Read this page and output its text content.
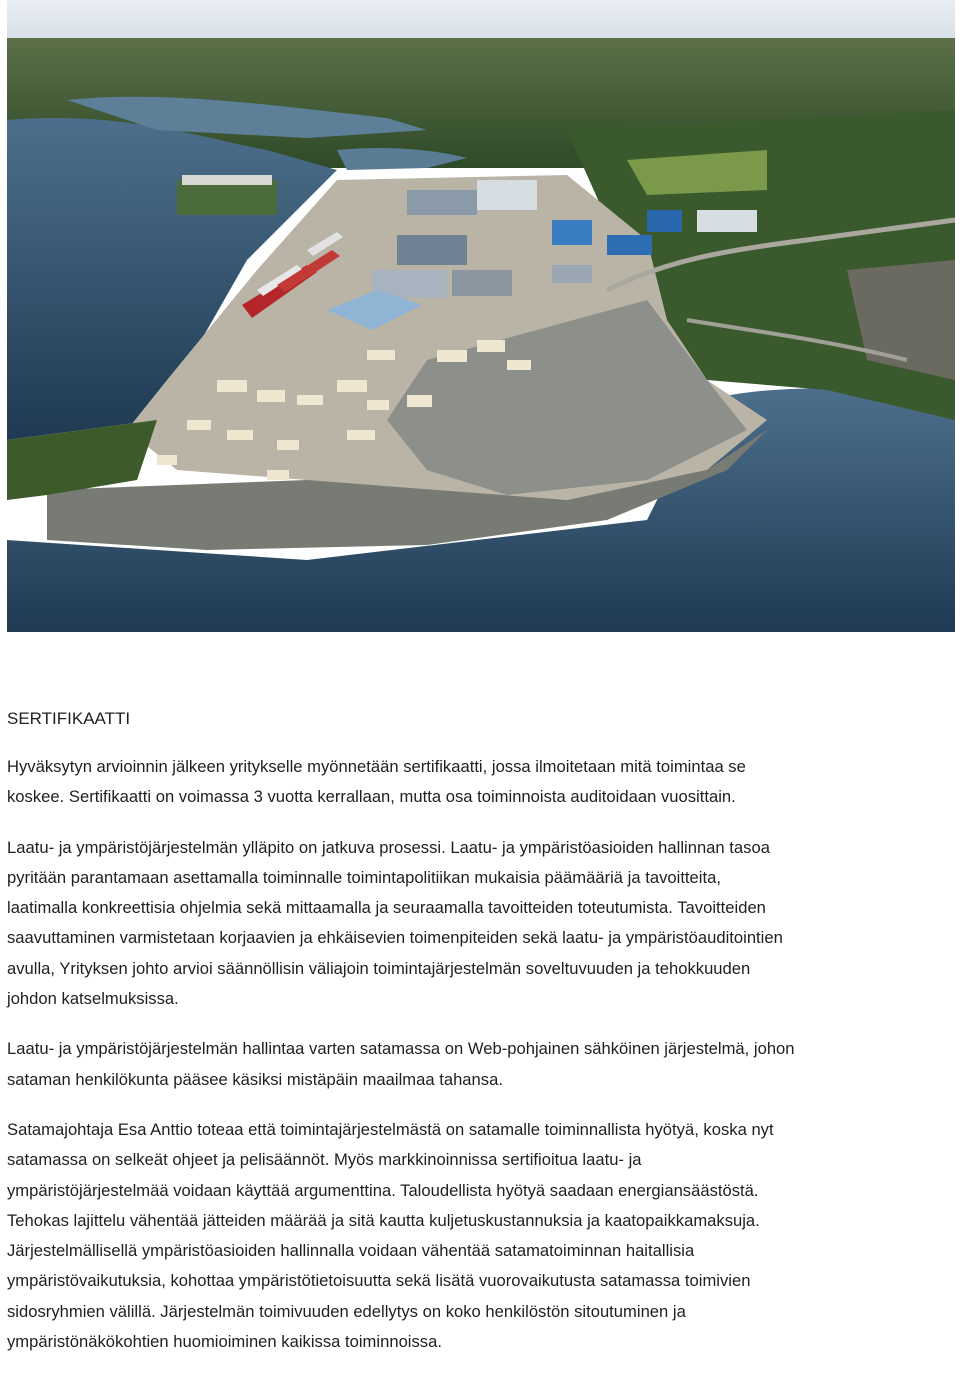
SERTIFIKAATTI
Hyväksytyn arvioinnin jälkeen yritykselle myönnetään sertifikaatti, jossa ilmoitetaan mitä toimintaa se
koskee. Sertifikaatti on voimassa 3 vuotta kerrallaan, mutta osa toiminnoista auditoidaan vuosittain.
Laatu- ja ympäristöjärjestelmän ylläpito on jatkuva prosessi. Laatu- ja ympäristöasioiden hallinnan tasoa
pyritään parantamaan asettamalla toiminnalle toimintapolitiikan mukaisia päämääriä ja tavoitteita,
laatimalla konkreettisia ohjelmia sekä mittaamalla ja seuraamalla tavoitteiden toteutumista. Tavoitteiden
saavuttaminen varmistetaan korjaavien ja ehkäisevien toimenpiteiden sekä laatu- ja ympäristöauditointien
avulla, Yrityksen johto arvioi säännöllisin väliajoin toimintajärjestelmän soveltuvuuden ja tehokkuuden
johdon katselmuksissa.
Laatu- ja ympäristöjärjestelmän hallintaa varten satamassa on Web-pohjainen sähköinen järjestelmä, johon
sataman henkilökunta pääsee käsiksi mistäpäin maailmaa tahansa.
Satamajohtaja Esa Anttio toteaa että toimintajärjestelmästä on satamalle toiminnallista hyötyä, koska nyt
satamassa on selkeät ohjeet ja pelisäännöt. Myös markkinoinnissa sertifioitua laatu- ja
ympäristöjärjestelmää voidaan käyttää argumenttina. Taloudellista hyötyä saadaan energiansäästöstä.
Tehokas lajittelu vähentää jätteiden määrää ja sitä kautta kuljetuskustannuksia ja kaatopaikkamaksuja.
Järjestelmällisellä ympäristöasioiden hallinnalla voidaan vähentää satamatoiminnan haitallisia
ympäristövaikutuksia, kohottaa ympäristötietoisuutta sekä lisätä vuorovaikutusta satamassa toimivien
sidosryhmien välillä. Järjestelmän toimivuuden edellytys on koko henkilöstön sitoutuminen ja
ympäristönäkökohtien huomioiminen kaikissa toiminnoissa.
